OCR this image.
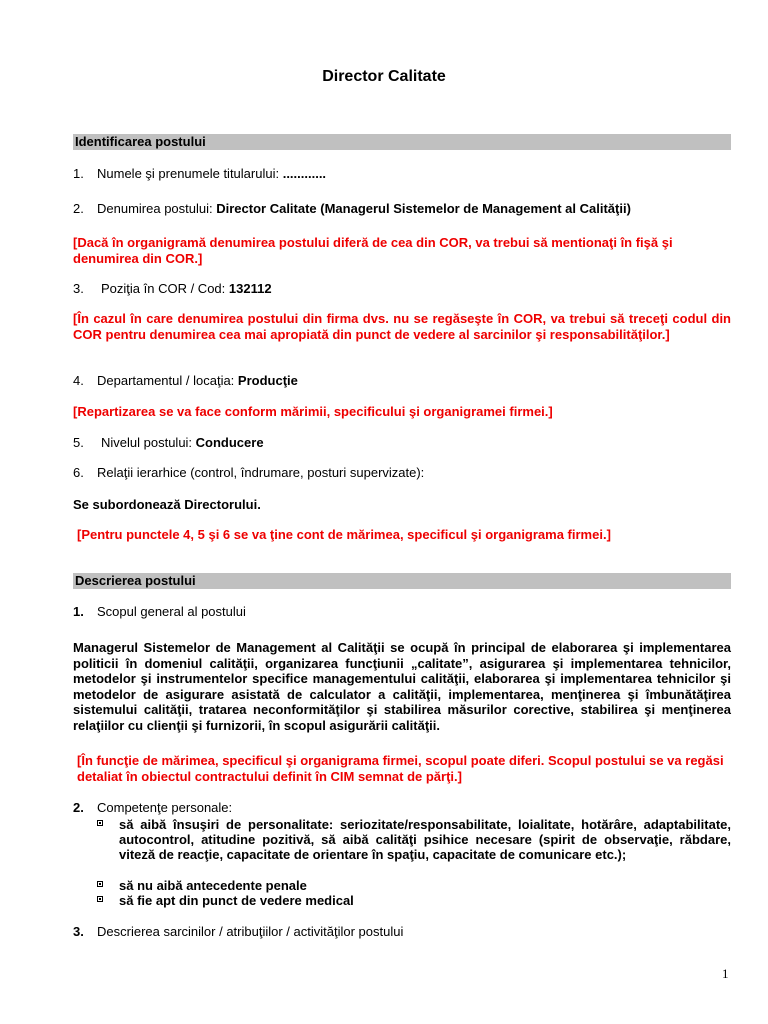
Director Calitate
Identificarea postului
1. Numele şi prenumele titularului: ............
2. Denumirea postului: Director Calitate (Managerul Sistemelor de Management al Calităţii)
[Dacă în organigramă denumirea postului diferă de cea din COR, va trebui să mentionaţi în fişă şi denumirea din COR.]
3. Poziţia în COR / Cod: 132112
[În cazul în care denumirea postului din firma dvs. nu se regăseşte în COR, va trebui să treceţi codul din COR pentru denumirea cea mai apropiată din punct de vedere al sarcinilor şi responsabilităţilor.]
4. Departamentul / locaţia: Producţie
[Repartizarea se va face conform mărimii, specificului şi organigramei firmei.]
5. Nivelul postului: Conducere
6. Relaţii ierarhice (control, îndrumare, posturi supervizate):
Se subordonează Directorului.
[Pentru punctele 4, 5 şi 6 se va ţine cont de mărimea, specificul şi organigrama firmei.]
Descrierea postului
1. Scopul general al postului
Managerul Sistemelor de Management al Calităţii se ocupă în principal de elaborarea şi implementarea politicii în domeniul calităţii, organizarea funcţiunii „calitate”, asigurarea şi implementarea tehnicilor, metodelor şi instrumentelor specifice managementului calităţii, elaborarea şi implementarea tehnicilor şi metodelor de asigurare asistată de calculator a calităţii, implementarea, menţinerea şi îmbunătăţirea sistemului calităţii, tratarea neconformităţilor şi stabilirea măsurilor corective, stabilirea şi menţinerea relaţiilor cu clienţii şi furnizorii, în scopul asigurării calităţii.
[În funcţie de mărimea, specificul şi organigrama firmei, scopul poate diferi. Scopul postului se va regăsi detaliat în obiectul contractului definit în CIM semnat de părţi.]
2. Competenţe personale:
să aibă însuşiri de personalitate: seriozitate/responsabilitate, loialitate, hotărâre, adaptabilitate, autocontrol, atitudine pozitivă, să aibă calităţi psihice necesare (spirit de observaţie, răbdare, viteză de reacţie, capacitate de orientare în spaţiu, capacitate de comunicare etc.);
să nu aibă antecedente penale
să fie apt din punct de vedere medical
3. Descrierea sarcinilor / atribuţiilor / activităţilor postului
1
